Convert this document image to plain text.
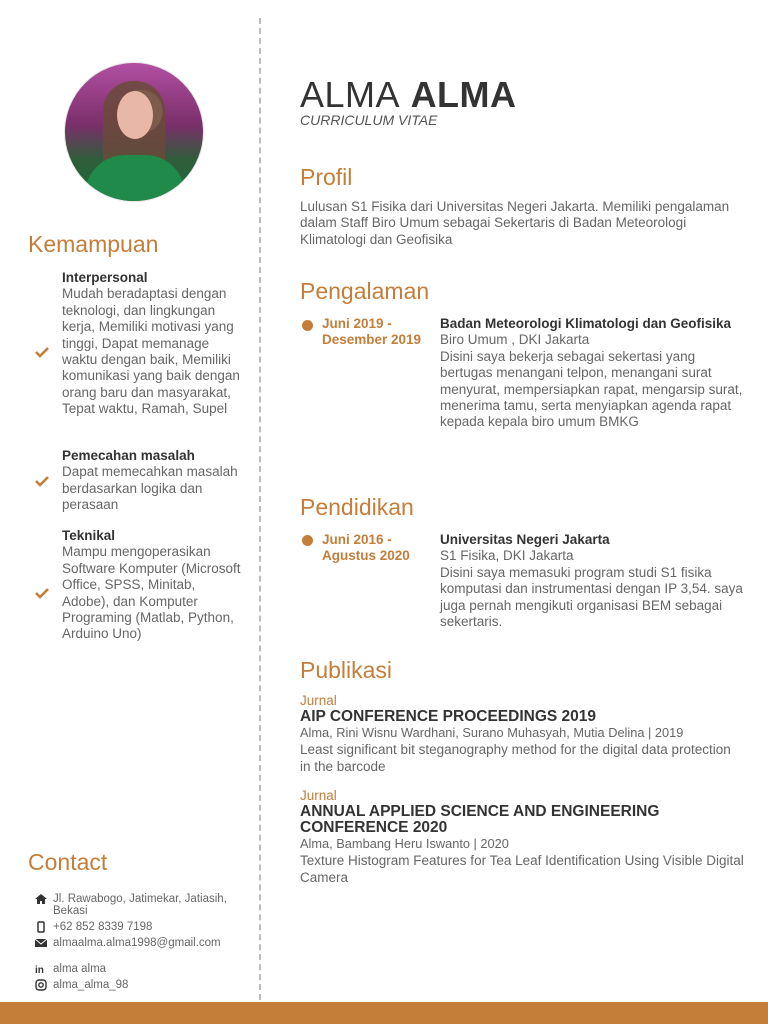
Kemampuan
Interpersonal
Mudah beradaptasi dengan teknologi, dan lingkungan kerja, Memiliki motivasi yang tinggi, Dapat memanage waktu dengan baik, Memiliki komunikasi yang baik dengan orang baru dan masyarakat, Tepat waktu, Ramah, Supel
Pemecahan masalah
Dapat memecahkan masalah berdasarkan logika dan perasaan
Teknikal
Mampu mengoperasikan Software Komputer (Microsoft Office, SPSS, Minitab, Adobe), dan Komputer Programing (Matlab, Python, Arduino Uno)
Contact
Jl. Rawabogo, Jatimekar, Jatiasih, Bekasi
+62 852 8339 7198
almaalma.alma1998@gmail.com
in alma alma
alma_alma_98
ALMA ALMA
CURRICULUM VITAE
Profil
Lulusan S1 Fisika dari Universitas Negeri Jakarta. Memiliki pengalaman dalam Staff Biro Umum sebagai Sekertaris di Badan Meteorologi Klimatologi dan Geofisika
Pengalaman
Juni 2019 - Desember 2019
Badan Meteorologi Klimatologi dan Geofisika
Biro Umum , DKI Jakarta
Disini saya bekerja sebagai sekertasi yang bertugas menangani telpon, menangani surat menyurat, mempersiapkan rapat, mengarsip surat, menerima tamu, serta menyiapkan agenda rapat kepada kepala biro umum BMKG
Pendidikan
Juni 2016 - Agustus 2020
Universitas Negeri Jakarta
S1 Fisika, DKI Jakarta
Disini saya memasuki program studi S1 fisika komputasi dan instrumentasi dengan IP 3,54. saya juga pernah mengikuti organisasi BEM sebagai sekertaris.
Publikasi
Jurnal
AIP CONFERENCE PROCEEDINGS 2019
Alma, Rini Wisnu Wardhani, Surano Muhasyah, Mutia Delina | 2019
Least significant bit steganography method for the digital data protection in the barcode
Jurnal
ANNUAL APPLIED SCIENCE AND ENGINEERING CONFERENCE 2020
Alma, Bambang Heru Iswanto | 2020
Texture Histogram Features for Tea Leaf Identification Using Visible Digital Camera
